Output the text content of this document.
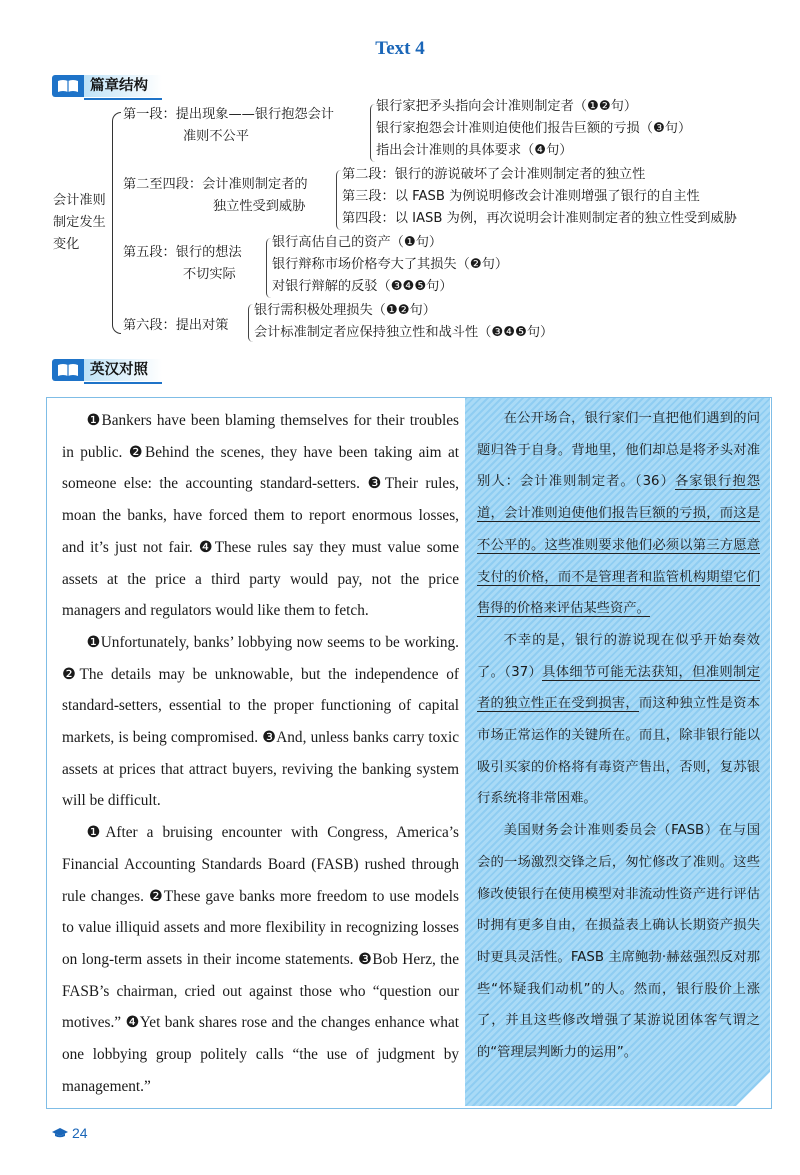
Text 4
篇章结构
会计准则
制定发生
变化
第一段：提出现象——银行抱怨会计
准则不公平
银行家把矛头指向会计准则制定者（❶❷句）
银行家抱怨会计准则迫使他们报告巨额的亏损（❸句）
指出会计准则的具体要求（❹句）
第二至四段：会计准则制定者的
独立性受到威胁
第二段：银行的游说破坏了会计准则制定者的独立性
第三段：以 FASB 为例说明修改会计准则增强了银行的自主性
第四段：以 IASB 为例，再次说明会计准则制定者的独立性受到威胁
第五段：银行的想法
不切实际
银行高估自己的资产（❶句）
银行辩称市场价格夸大了其损失（❷句）
对银行辩解的反驳（❸❹❺句）
第六段：提出对策
银行需积极处理损失（❶❷句）
会计标准制定者应保持独立性和战斗性（❸❹❺句）
英汉对照

❶Bankers have been blaming themselves for their troubles in public. ❷Behind the scenes, they have been taking aim at someone else: the accounting standard-setters. ❸Their rules, moan the banks, have forced them to report enormous losses, and it’s just not fair. ❹These rules say they must value some assets at the price a third party would pay, not the price managers and regulators would like them to fetch.

❶Unfortunately, banks’ lobbying now seems to be working. ❷The details may be unknowable, but the independence of standard-setters, essential to the proper functioning of capital markets, is being compromised. ❸And, unless banks carry toxic assets at prices that attract buyers, reviving the banking system will be difficult.

❶After a bruising encounter with Congress, America’s Financial Accounting Standards Board (FASB) rushed through rule changes. ❷These gave banks more freedom to use models to value illiquid assets and more flexibility in recognizing losses on long-term assets in their income statements. ❸Bob Herz, the FASB’s chairman, cried out against those who “question our motives.” ❹Yet bank shares rose and the changes enhance what one lobbying group politely calls “the use of judgment by management.”

在公开场合，银行家们一直把他们遇到的问题归咎于自身。背地里，他们却总是将矛头对准别人：会计准则制定者。（36）各家银行抱怨道，会计准则迫使他们报告巨额的亏损，而这是不公平的。这些准则要求他们必须以第三方愿意支付的价格，而不是管理者和监管机构期望它们售得的价格来评估某些资产。

不幸的是，银行的游说现在似乎开始奏效了。（37）具体细节可能无法获知，但准则制定者的独立性正在受到损害，而这种独立性是资本市场正常运作的关键所在。而且，除非银行能以吸引买家的价格将有毒资产售出，否则，复苏银行系统将非常困难。

美国财务会计准则委员会（FASB）在与国会的一场激烈交锋之后，匆忙修改了准则。这些修改使银行在使用模型对非流动性资产进行评估时拥有更多自由，在损益表上确认长期资产损失时更具灵活性。FASB 主席鲍勃·赫兹强烈反对那些“怀疑我们动机”的人。然而，银行股价上涨了，并且这些修改增强了某游说团体客气谓之的“管理层判断力的运用”。

24
